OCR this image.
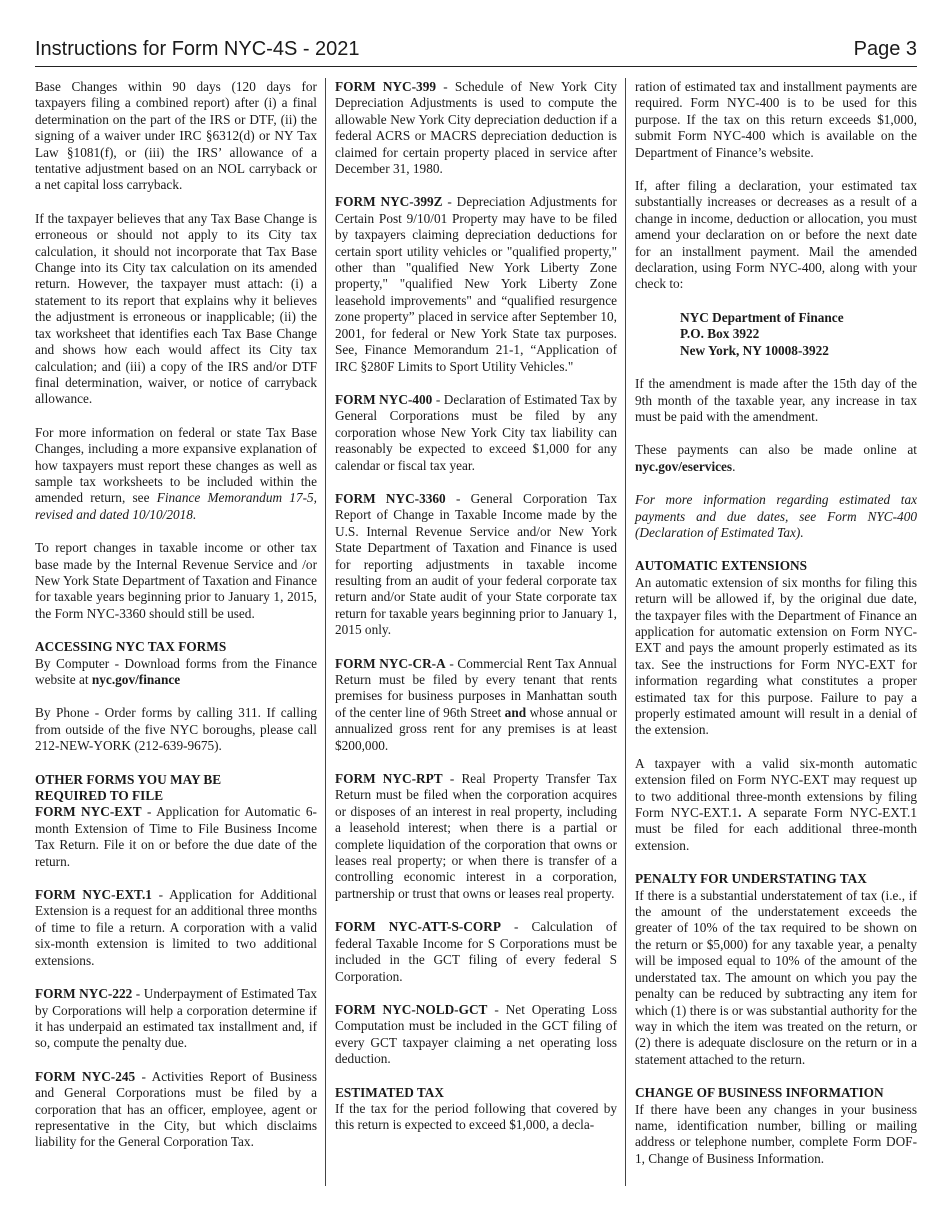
Instructions for Form NYC-4S - 2021	Page 3

Base Changes within 90 days (120 days for taxpayers filing a combined report) after (i) a final determination on the part of the IRS or DTF, (ii) the signing of a waiver under IRC §6312(d) or NY Tax Law §1081(f), or (iii) the IRS’ allowance of a tentative adjustment based on an NOL carryback or a net capital loss carryback.

If the taxpayer believes that any Tax Base Change is erroneous or should not apply to its City tax calculation, it should not incorporate that Tax Base Change into its City tax calculation on its amended return. However, the taxpayer must attach: (i) a statement to its report that explains why it believes the adjustment is erroneous or inapplicable; (ii) the tax worksheet that identifies each Tax Base Change and shows how each would affect its City tax calculation; and (iii) a copy of the IRS and/or DTF final determination, waiver, or notice of carryback allowance.

For more information on federal or state Tax Base Changes, including a more expansive explanation of how taxpayers must report these changes as well as sample tax worksheets to be included within the amended return, see Finance Memorandum 17-5, revised and dated 10/10/2018.

To report changes in taxable income or other tax base made by the Internal Revenue Service and /or New York State Department of Taxation and Finance for taxable years beginning prior to January 1, 2015, the Form NYC-3360 should still be used.

ACCESSING NYC TAX FORMS
By Computer - Download forms from the Finance website at nyc.gov/finance

By Phone - Order forms by calling 311. If calling from outside of the five NYC boroughs, please call 212-NEW-YORK (212-639-9675).

OTHER FORMS YOU MAY BE
REQUIRED TO FILE
FORM NYC-EXT - Application for Automatic 6-month Extension of Time to File Business Income Tax Return. File it on or before the due date of the return.

FORM NYC-EXT.1 - Application for Additional Extension is a request for an additional three months of time to file a return. A corporation with a valid six-month extension is limited to two additional extensions.

FORM NYC-222 - Underpayment of Estimated Tax by Corporations will help a corporation determine if it has underpaid an estimated tax installment and, if so, compute the penalty due.

FORM NYC-245 - Activities Report of Business and General Corporations must be filed by a corporation that has an officer, employee, agent or representative in the City, but which disclaims liability for the General Corporation Tax.

FORM NYC-399 - Schedule of New York City Depreciation Adjustments is used to compute the allowable New York City depreciation deduction if a federal ACRS or MACRS depreciation deduction is claimed for certain property placed in service after December 31, 1980.

FORM NYC-399Z - Depreciation Adjustments for Certain Post 9/10/01 Property may have to be filed by taxpayers claiming depreciation deductions for certain sport utility vehicles or "qualified property," other than "qualified New York Liberty Zone property," "qualified New York Liberty Zone leasehold improvements" and “qualified resurgence zone property” placed in service after September 10, 2001, for federal or New York State tax purposes. See, Finance Memorandum 21-1, “Application of IRC §280F Limits to Sport Utility Vehicles."

FORM NYC-400 - Declaration of Estimated Tax by General Corporations must be filed by any corporation whose New York City tax liability can reasonably be expected to exceed $1,000 for any calendar or fiscal tax year.

FORM NYC-3360 - General Corporation Tax Report of Change in Taxable Income made by the U.S. Internal Revenue Service and/or New York State Department of Taxation and Finance is used for reporting adjustments in taxable income resulting from an audit of your federal corporate tax return and/or State audit of your State corporate tax return for taxable years beginning prior to January 1, 2015 only.

FORM NYC-CR-A - Commercial Rent Tax Annual Return must be filed by every tenant that rents premises for business purposes in Manhattan south of the center line of 96th Street and whose annual or annualized gross rent for any premises is at least $200,000.

FORM NYC-RPT - Real Property Transfer Tax Return must be filed when the corporation acquires or disposes of an interest in real property, including a leasehold interest; when there is a partial or complete liquidation of the corporation that owns or leases real property; or when there is transfer of a controlling economic interest in a corporation, partnership or trust that owns or leases real property.

FORM NYC-ATT-S-CORP - Calculation of federal Taxable Income for S Corporations must be included in the GCT filing of every federal S Corporation.

FORM NYC-NOLD-GCT - Net Operating Loss Computation must be included in the GCT filing of every GCT taxpayer claiming a net operating loss deduction.

ESTIMATED TAX
If the tax for the period following that covered by this return is expected to exceed $1,000, a decla-

ration of estimated tax and installment payments are required. Form NYC-400 is to be used for this purpose. If the tax on this return exceeds $1,000, submit Form NYC-400 which is available on the Department of Finance’s website.

If, after filing a declaration, your estimated tax substantially increases or decreases as a result of a change in income, deduction or allocation, you must amend your declaration on or before the next date for an installment payment. Mail the amended declaration, using Form NYC-400, along with your check to:

NYC Department of Finance
P.O. Box 3922
New York, NY 10008-3922

If the amendment is made after the 15th day of the 9th month of the taxable year, any increase in tax must be paid with the amendment.

These payments can also be made online at nyc.gov/eservices.

For more information regarding estimated tax payments and due dates, see Form NYC-400 (Declaration of Estimated Tax).

AUTOMATIC EXTENSIONS
An automatic extension of six months for filing this return will be allowed if, by the original due date, the taxpayer files with the Department of Finance an application for automatic extension on Form NYC-EXT and pays the amount properly estimated as its tax. See the instructions for Form NYC-EXT for information regarding what constitutes a proper estimated tax for this purpose. Failure to pay a properly estimated amount will result in a denial of the extension.

A taxpayer with a valid six-month automatic extension filed on Form NYC-EXT may request up to two additional three-month extensions by filing Form NYC-EXT.1. A separate Form NYC-EXT.1 must be filed for each additional three-month extension.

PENALTY FOR UNDERSTATING TAX
If there is a substantial understatement of tax (i.e., if the amount of the understatement exceeds the greater of 10% of the tax required to be shown on the return or $5,000) for any taxable year, a penalty will be imposed equal to 10% of the amount of the understated tax. The amount on which you pay the penalty can be reduced by subtracting any item for which (1) there is or was substantial authority for the way in which the item was treated on the return, or (2) there is adequate disclosure on the return or in a statement attached to the return.

CHANGE OF BUSINESS INFORMATION
If there have been any changes in your business name, identification number, billing or mailing address or telephone number, complete Form DOF-1, Change of Business Information.
